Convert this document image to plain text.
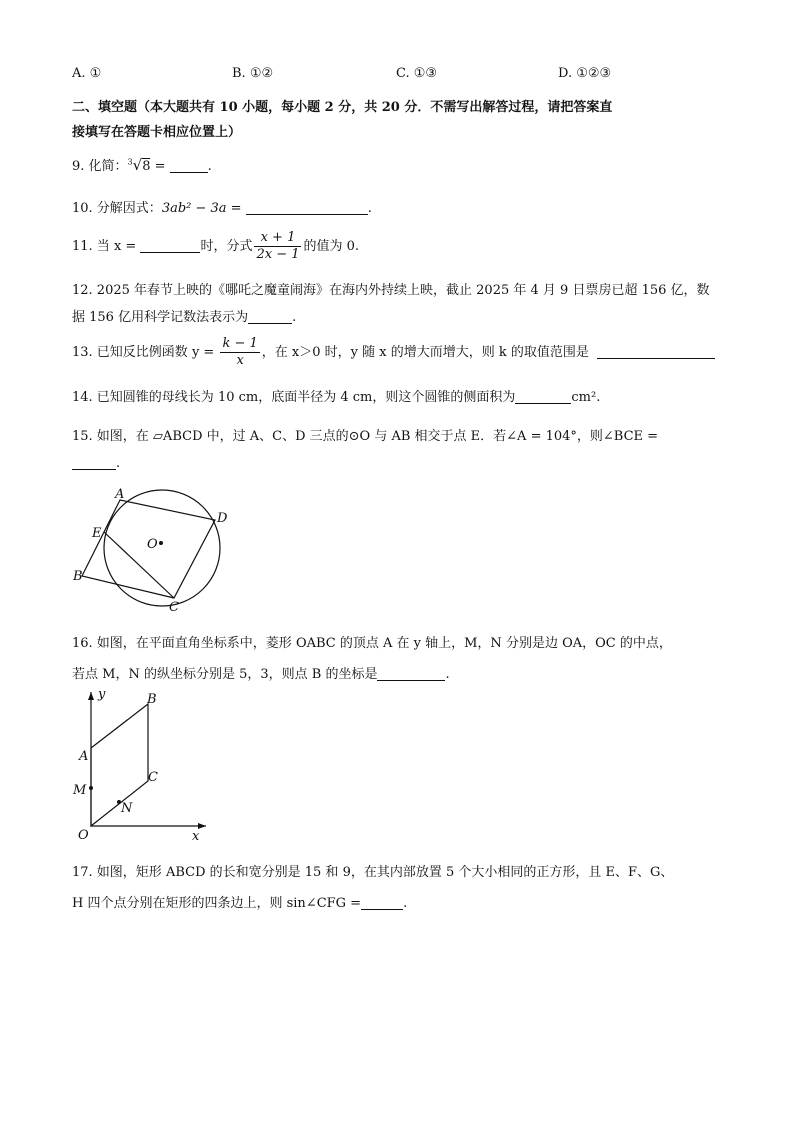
A. ①	B. ①②	C. ①③	D. ①②③
二、填空题（本大题共有 10 小题，每小题 2 分，共 20 分．不需写出解答过程，请把答案直
接填写在答题卡相应位置上）
9. 化简：$^3$√8 =	.
10. 分解因式：3ab² − 3a =	.
11. 当 x =	时，分式 $\frac{x + 1}{2x - 1}$ 的值为 0.
12. 2025 年春节上映的《哪吒之魔童闹海》在海内外持续上映，截止 2025 年 4 月 9 日票房已超 156 亿，数
据 156 亿用科学记数法表示为	.
13. 已知反比例函数 $y = \frac{k - 1}{x}$ ，在 x＞0 时，y 随 x 的增大而增大，则 k 的取值范围是
14. 已知圆锥的母线长为 10 cm，底面半径为 4 cm，则这个圆锥的侧面积为	cm².
15. 如图，在 ▱ABCD 中，过 A、C、D 三点的⊙O 与 AB 相交于点 E．若∠A = 104°，则∠BCE =
.
A
B
C
D
E
O
16. 如图，在平面直角坐标系中，菱形 OABC 的顶点 A 在 y 轴上，M，N 分别是边 OA，OC 的中点，
若点 M，N 的纵坐标分别是 5，3，则点 B 的坐标是	.
y
x
O
A
B
C
M
N
17. 如图，矩形 ABCD 的长和宽分别是 15 和 9，在其内部放置 5 个大小相同的正方形，且 E、F、G、
H 四个点分别在矩形的四条边上，则 sin∠CFG =	.
